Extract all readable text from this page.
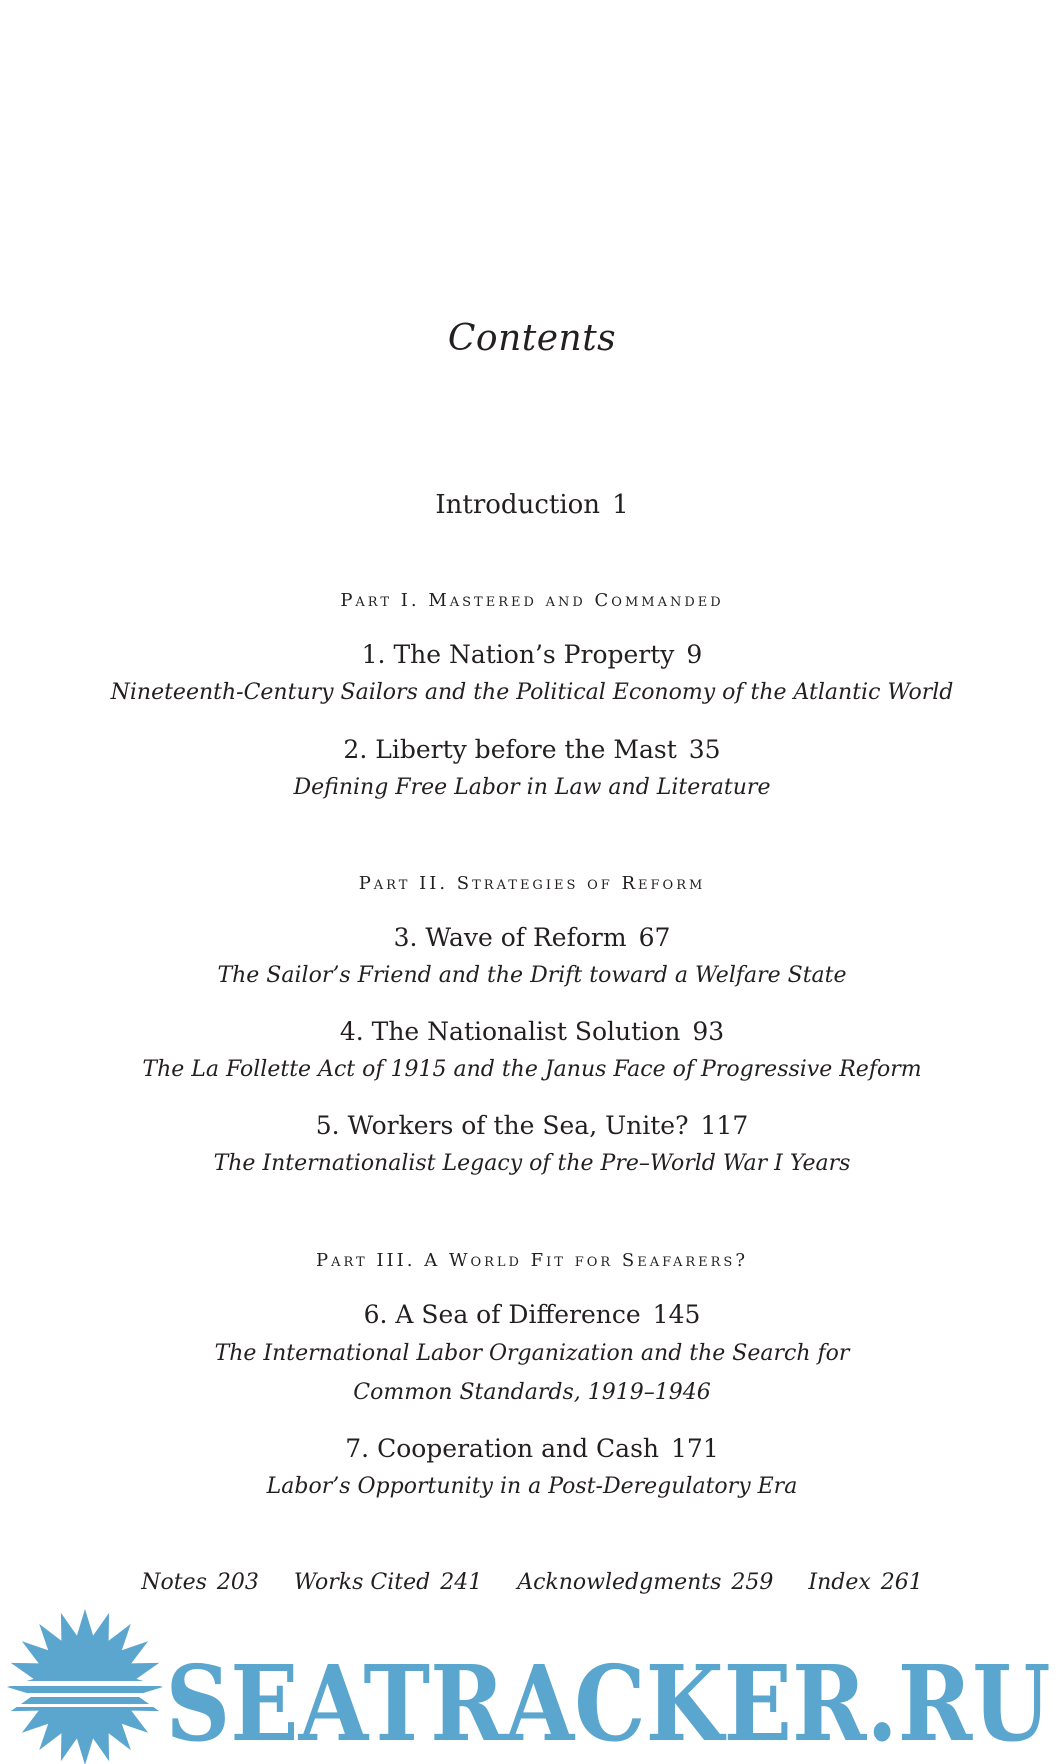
Contents
Introduction 1
Part I. Mastered and Commanded
1. The Nation’s Property 9
Nineteenth-Century Sailors and the Political Economy of the Atlantic World
2. Liberty before the Mast 35
Defining Free Labor in Law and Literature
Part II. Strategies of Reform
3. Wave of Reform 67
The Sailor’s Friend and the Drift toward a Welfare State
4. The Nationalist Solution 93
The La Follette Act of 1915 and the Janus Face of Progressive Reform
5. Workers of the Sea, Unite? 117
The Internationalist Legacy of the Pre–World War I Years
Part III. A World Fit for Seafarers?
6. A Sea of Difference 145
The International Labor Organization and the Search for
Common Standards, 1919–1946
7. Cooperation and Cash 171
Labor’s Opportunity in a Post-Deregulatory Era
Notes 203 Works Cited 241 Acknowledgments 259 Index 261
SEATRACKER.RU
